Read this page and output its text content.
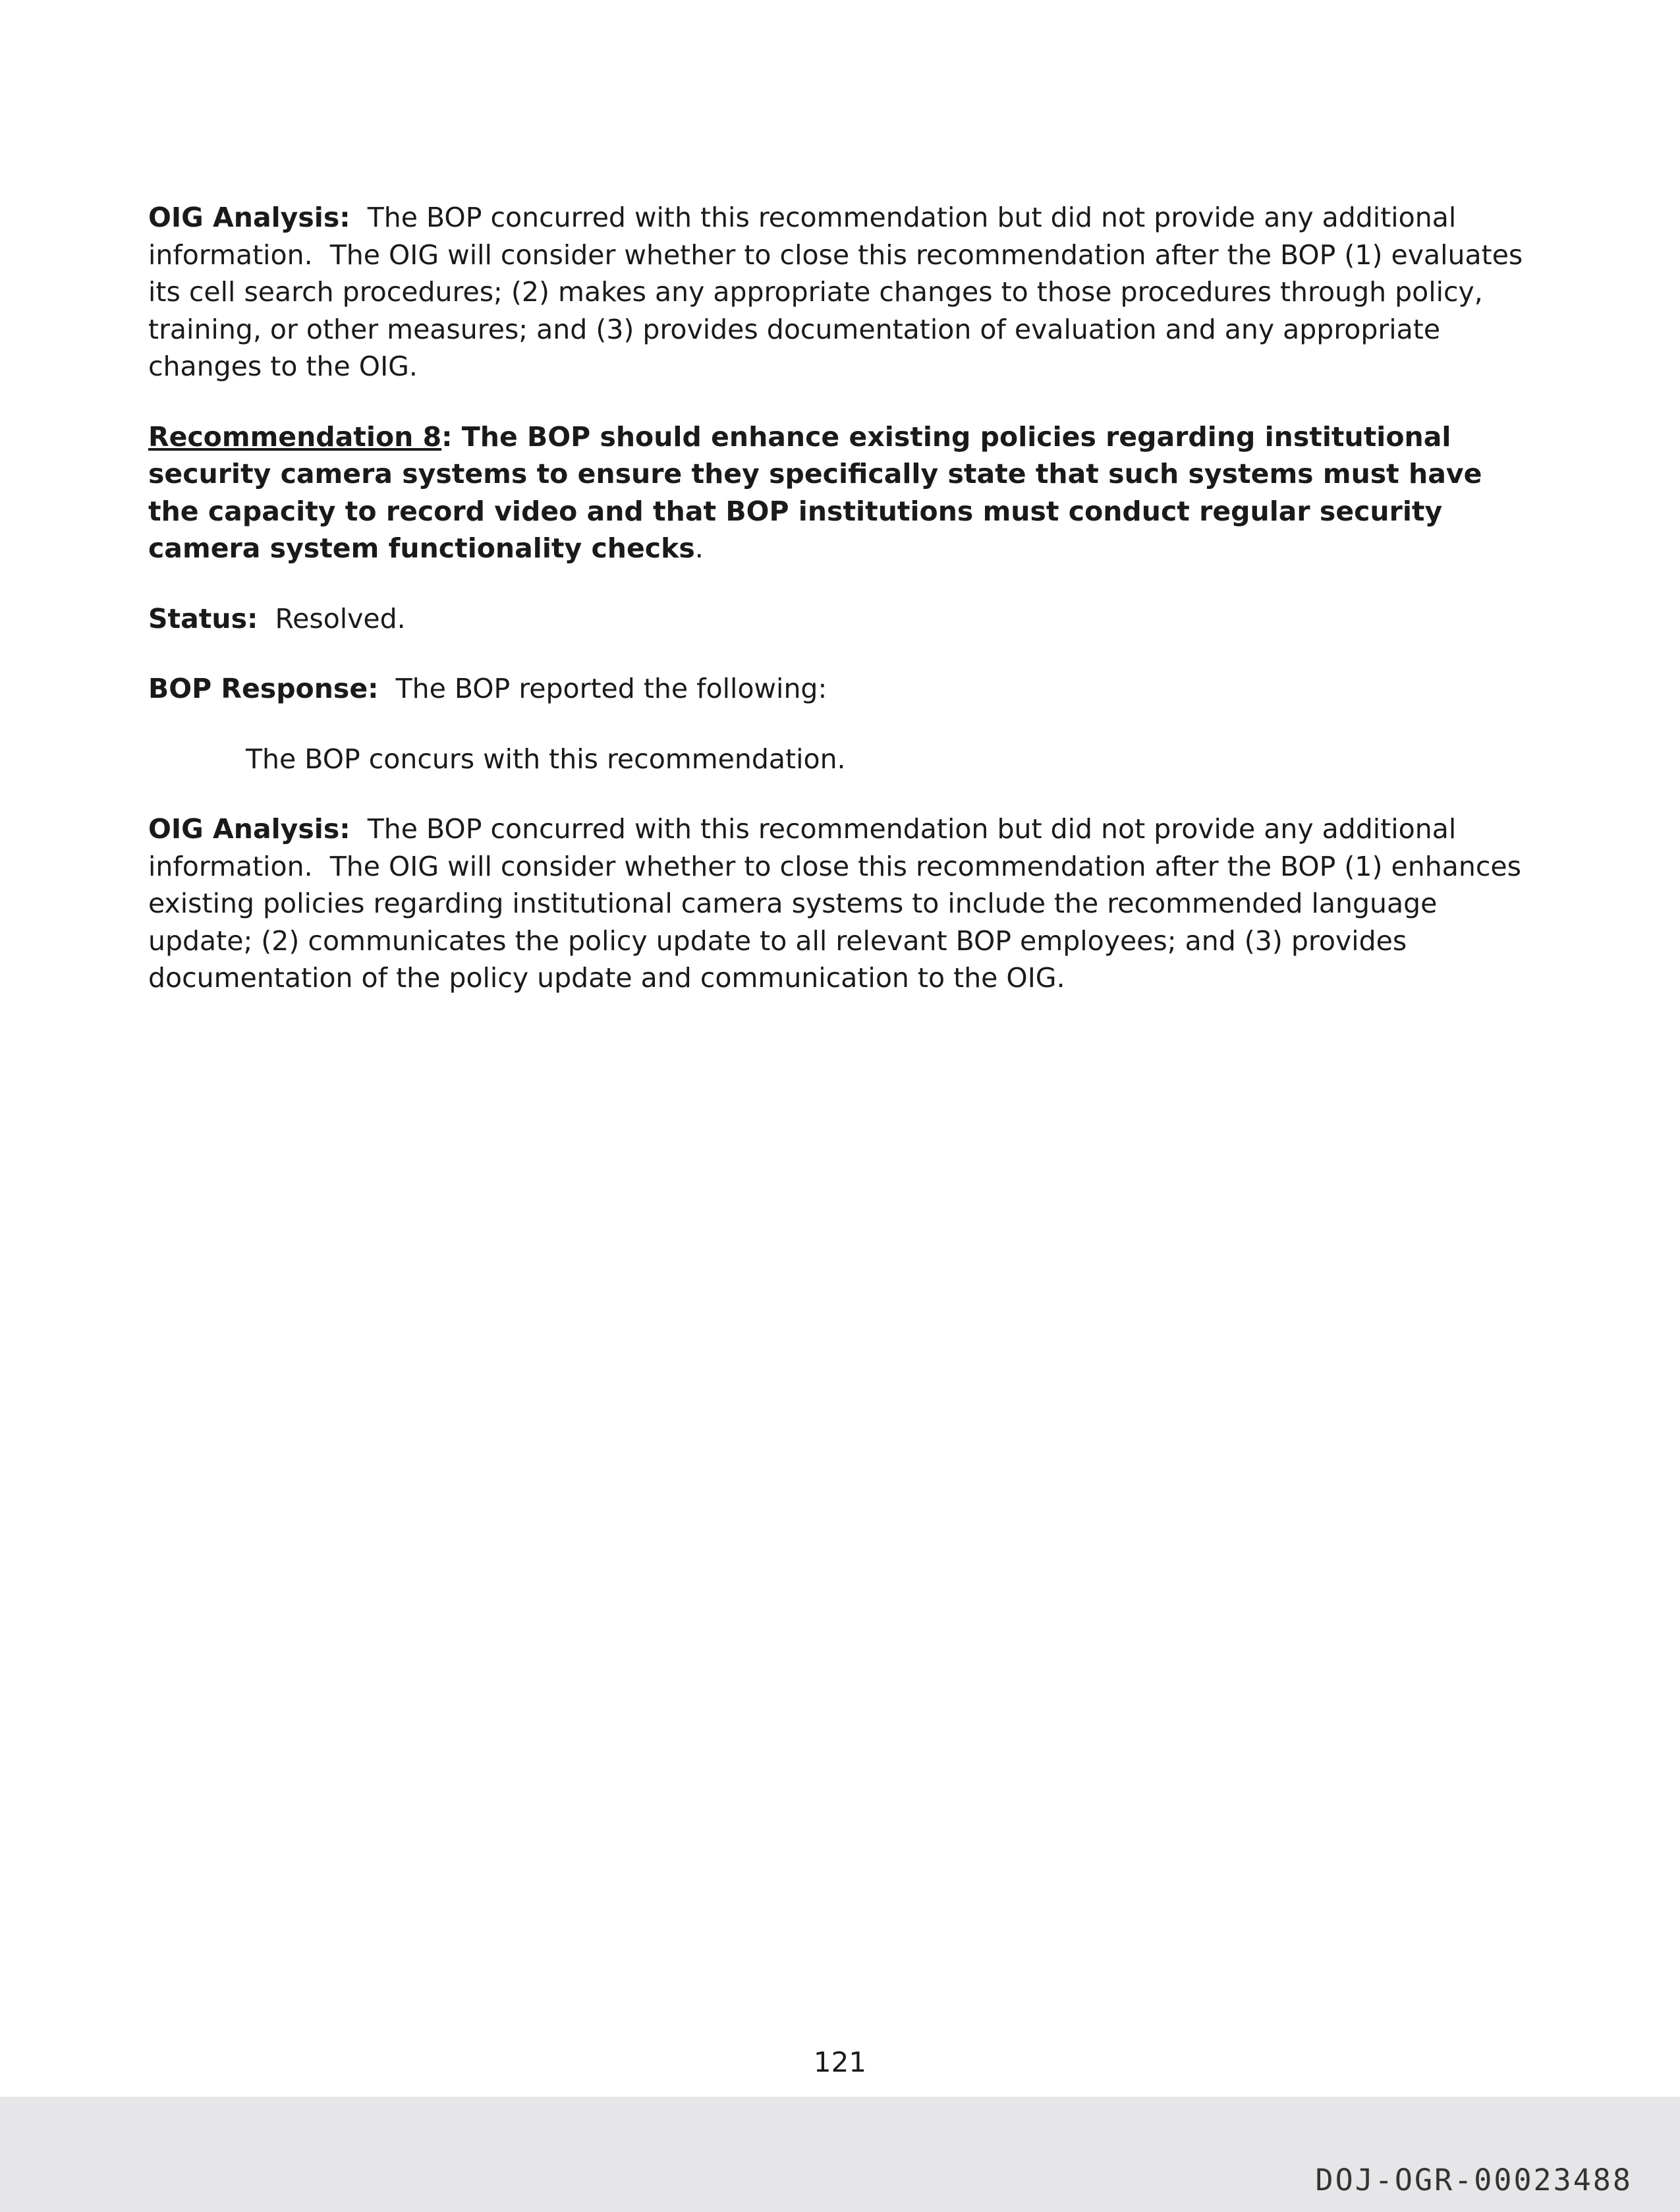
OIG Analysis:  The BOP concurred with this recommendation but did not provide any additional information.  The OIG will consider whether to close this recommendation after the BOP (1) evaluates its cell search procedures; (2) makes any appropriate changes to those procedures through policy, training, or other measures; and (3) provides documentation of evaluation and any appropriate changes to the OIG.

Recommendation 8: The BOP should enhance existing policies regarding institutional security camera systems to ensure they specifically state that such systems must have the capacity to record video and that BOP institutions must conduct regular security camera system functionality checks.

Status:  Resolved.

BOP Response:  The BOP reported the following:

The BOP concurs with this recommendation.

OIG Analysis:  The BOP concurred with this recommendation but did not provide any additional information.  The OIG will consider whether to close this recommendation after the BOP (1) enhances existing policies regarding institutional camera systems to include the recommended language update; (2) communicates the policy update to all relevant BOP employees; and (3) provides documentation of the policy update and communication to the OIG.

121
DOJ-OGR-00023488
